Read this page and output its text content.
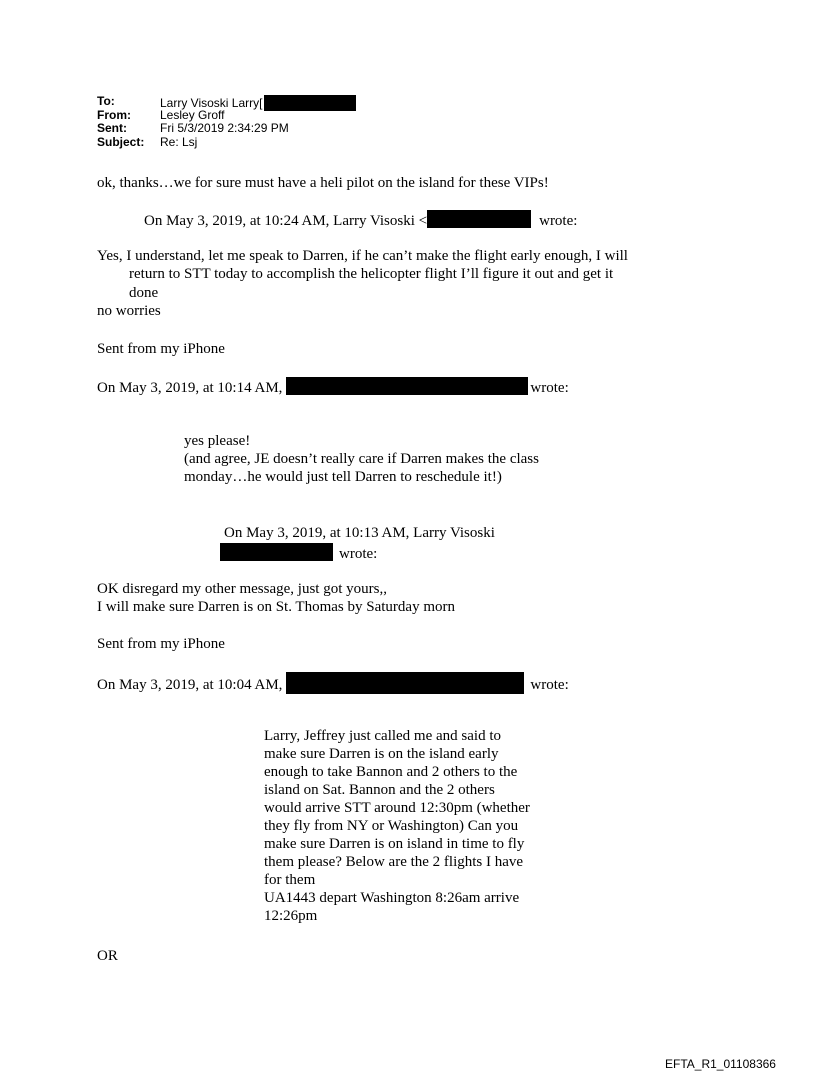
To:	Larry Visoski Larry[
From: Lesley Groff
Sent:	Fri 5/3/2019 2:34:29 PM
Subject: Re: Lsj
ok, thanks…we for sure must have a heli pilot on the island for these VIPs!
On May 3, 2019, at 10:24 AM, Larry Visoski <	wrote:
Yes, I understand, let me speak to Darren, if he can’t make the flight early enough, I will
return to STT today to accomplish the helicopter flight I’ll figure it out and get it
done
no worries
Sent from my iPhone
On May 3, 2019, at 10:14 AM,	wrote:
yes please!
(and agree, JE doesn’t really care if Darren makes the class
monday…he would just tell Darren to reschedule it!)
On May 3, 2019, at 10:13 AM, Larry Visoski
wrote:
OK disregard my other message, just got yours,,
I will make sure Darren is on St. Thomas by Saturday morn
Sent from my iPhone
On May 3, 2019, at 10:04 AM,	wrote:
Larry, Jeffrey just called me and said to
make sure Darren is on the island early
enough to take Bannon and 2 others to the
island on Sat. Bannon and the 2 others
would arrive STT around 12:30pm (whether
they fly from NY or Washington) Can you
make sure Darren is on island in time to fly
them please? Below are the 2 flights I have
for them
UA1443 depart Washington 8:26am arrive
12:26pm
OR
EFTA_R1_01108366
